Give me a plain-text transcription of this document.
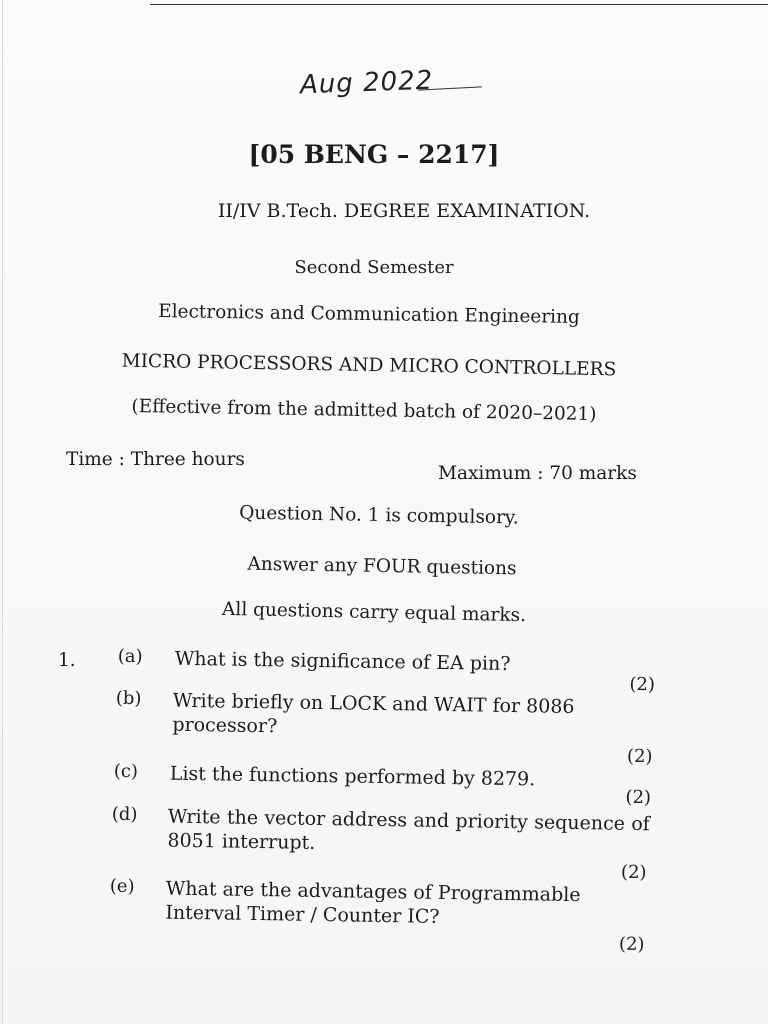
Aug 2022
[05 BENG – 2217]
II/IV B.Tech. DEGREE EXAMINATION.
Second Semester
Electronics and Communication Engineering
MICRO PROCESSORS AND MICRO CONTROLLERS
(Effective from the admitted batch of 2020–2021)
Time : Three hours
Maximum : 70 marks
Question No. 1 is compulsory.
Answer any FOUR questions
All questions carry equal marks.
1. (a) What is the significance of EA pin?
(2)
(b) Write briefly on LOCK and WAIT for 8086 processor?
(2)
(c) List the functions performed by 8279.
(2)
(d) Write the vector address and priority sequence of 8051 interrupt.
(2)
(e) What are the advantages of Programmable Interval Timer / Counter IC?
(2)
